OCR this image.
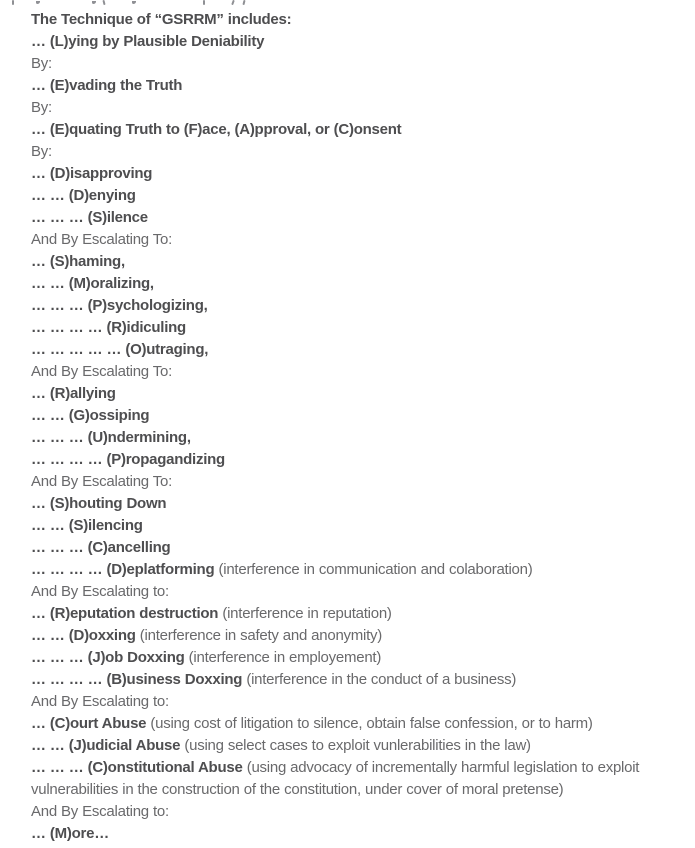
The Technique of “GSRRM” includes:
… (L)ying by Plausible Deniability
By:
… (E)vading the Truth
By:
… (E)quating Truth to (F)ace, (A)pproval, or (C)onsent
By:
… (D)isapproving
… … (D)enying
… … … (S)ilence
And By Escalating To:
… (S)haming,
… … (M)oralizing,
… … … (P)sychologizing,
… … … … (R)idiculing
… … … … … (O)utraging,
And By Escalating To:
… (R)allying
… … (G)ossiping
… … … (U)ndermining,
… … … … (P)ropagandizing
And By Escalating To:
… (S)houting Down
… … (S)ilencing
… … … (C)ancelling
… … … … (D)eplatforming (interference in communication and colaboration)
And By Escalating to:
… (R)eputation destruction (interference in reputation)
… … (D)oxxing (interference in safety and anonymity)
… … … (J)ob Doxxing (interference in employement)
… … … … (B)usiness Doxxing (interference in the conduct of a business)
And By Escalating to:
… (C)ourt Abuse (using cost of litigation to silence, obtain false confession, or to harm)
… … (J)udicial Abuse (using select cases to exploit vunlerabilities in the law)
… … … (C)onstitutional Abuse (using advocacy of incrementally harmful legislation to exploit vulnerabilities in the construction of the constitution, under cover of moral pretense)
And By Escalating to:
… (M)ore…
